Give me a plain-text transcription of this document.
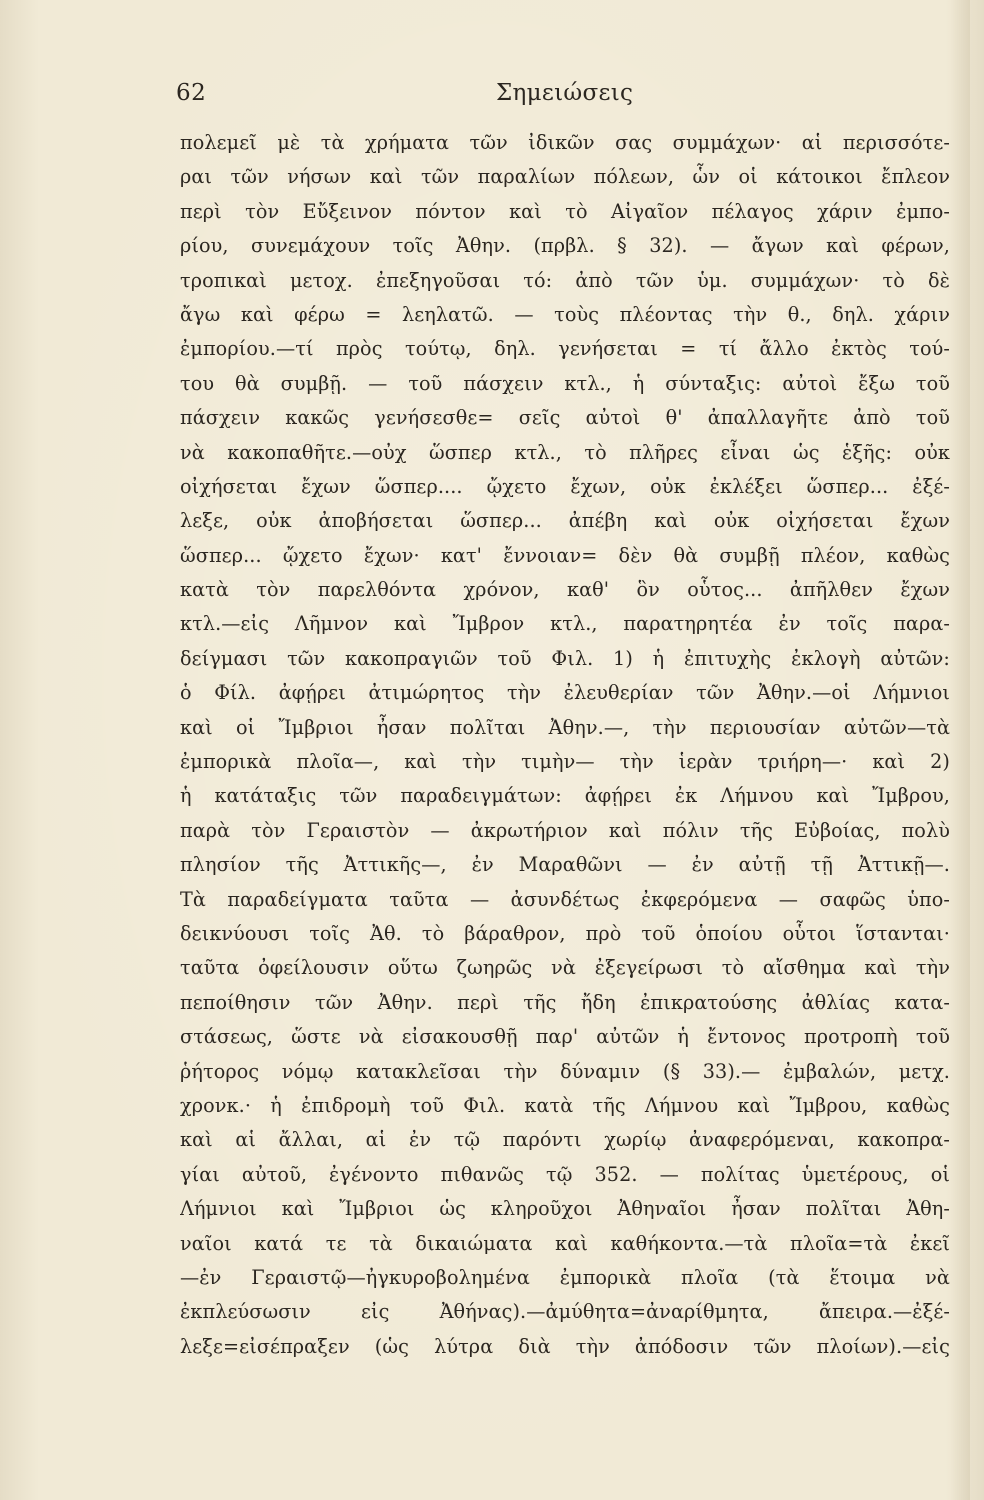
62	Σημειώσεις
πολεμεῖ μὲ τὰ χρήματα τῶν ἰδικῶν σας συμμάχων· αἱ περισσότε-
ραι τῶν νήσων καὶ τῶν παραλίων πόλεων, ὧν οἱ κάτοικοι ἔπλεον
περὶ τὸν Εὔξεινον πόντον καὶ τὸ Αἰγαῖον πέλαγος χάριν ἐμπο-
ρίου, συνεμάχουν τοῖς Ἀθην. (πρβλ. § 32). — ἄγων καὶ φέρων,
τροπικαὶ μετοχ. ἐπεξηγοῦσαι τό: ἀπὸ τῶν ὑμ. συμμάχων· τὸ δὲ
ἄγω καὶ φέρω = λεηλατῶ. — τοὺς πλέοντας τὴν θ., δηλ. χάριν
ἐμπορίου.—τί πρὸς τούτῳ, δηλ. γενήσεται = τί ἄλλο ἐκτὸς τού-
του θὰ συμβῇ. — τοῦ πάσχειν κτλ., ἡ σύνταξις: αὐτοὶ ἔξω τοῦ
πάσχειν κακῶς γενήσεσθε= σεῖς αὐτοὶ θ' ἀπαλλαγῆτε ἀπὸ τοῦ
νὰ κακοπαθῆτε.—οὐχ ὥσπερ κτλ., τὸ πλῆρες εἶναι ὡς ἑξῆς: οὐκ
οἰχήσεται ἔχων ὥσπερ.... ᾤχετο ἔχων, οὐκ ἐκλέξει ὥσπερ... ἐξέ-
λεξε, οὐκ ἀποβήσεται ὥσπερ... ἀπέβη καὶ οὐκ οἰχήσεται ἔχων
ὥσπερ... ᾤχετο ἔχων· κατ' ἔννοιαν= δὲν θὰ συμβῇ πλέον, καθὼς
κατὰ τὸν παρελθόντα χρόνον, καθ' ὃν οὗτος... ἀπῆλθεν ἔχων
κτλ.—εἰς Λῆμνον καὶ Ἴμβρον κτλ., παρατηρητέα ἐν τοῖς παρα-
δείγμασι τῶν κακοπραγιῶν τοῦ Φιλ. 1) ἡ ἐπιτυχὴς ἐκλογὴ αὐτῶν:
ὁ Φίλ. ἀφῄρει ἀτιμώρητος τὴν ἐλευθερίαν τῶν Ἀθην.—οἱ Λήμνιοι
καὶ οἱ Ἴμβριοι ἦσαν πολῖται Ἀθην.—, τὴν περιουσίαν αὐτῶν—τὰ
ἐμπορικὰ πλοῖα—, καὶ τὴν τιμὴν— τὴν ἱερὰν τριήρη—· καὶ 2)
ἡ κατάταξις τῶν παραδειγμάτων: ἀφῄρει ἐκ Λήμνου καὶ Ἴμβρου,
παρὰ τὸν Γεραιστὸν — ἀκρωτήριον καὶ πόλιν τῆς Εὐβοίας, πολὺ
πλησίον τῆς Ἀττικῆς—, ἐν Μαραθῶνι — ἐν αὐτῇ τῇ Ἀττικῇ—.
Τὰ παραδείγματα ταῦτα — ἀσυνδέτως ἐκφερόμενα — σαφῶς ὑπο-
δεικνύουσι τοῖς Ἀθ. τὸ βάραθρον, πρὸ τοῦ ὁποίου οὗτοι ἵστανται·
ταῦτα ὀφείλουσιν οὕτω ζωηρῶς νὰ ἐξεγείρωσι τὸ αἴσθημα καὶ τὴν
πεποίθησιν τῶν Ἀθην. περὶ τῆς ἤδη ἐπικρατούσης ἀθλίας κατα-
στάσεως, ὥστε νὰ εἰσακουσθῇ παρ' αὐτῶν ἡ ἔντονος προτροπὴ τοῦ
ῥήτορος νόμῳ κατακλεῖσαι τὴν δύναμιν (§ 33).— ἐμβαλών, μετχ.
χρονκ.· ἡ ἐπιδρομὴ τοῦ Φιλ. κατὰ τῆς Λήμνου καὶ Ἴμβρου, καθὼς
καὶ αἱ ἄλλαι, αἱ ἐν τῷ παρόντι χωρίῳ ἀναφερόμεναι, κακοπρα-
γίαι αὐτοῦ, ἐγένοντο πιθανῶς τῷ 352. — πολίτας ὑμετέρους, οἱ
Λήμνιοι καὶ Ἴμβριοι ὡς κληροῦχοι Ἀθηναῖοι ἦσαν πολῖται Ἀθη-
ναῖοι κατά τε τὰ δικαιώματα καὶ καθήκοντα.—τὰ πλοῖα=τὰ ἐκεῖ
—ἐν Γεραιστῷ—ἠγκυροβολημένα ἐμπορικὰ πλοῖα (τὰ ἕτοιμα νὰ
ἐκπλεύσωσιν εἰς Ἀθήνας).—ἀμύθητα=ἀναρίθμητα, ἄπειρα.—ἐξέ-
λεξε=εἰσέπραξεν (ὡς λύτρα διὰ τὴν ἀπόδοσιν τῶν πλοίων).—εἰς
